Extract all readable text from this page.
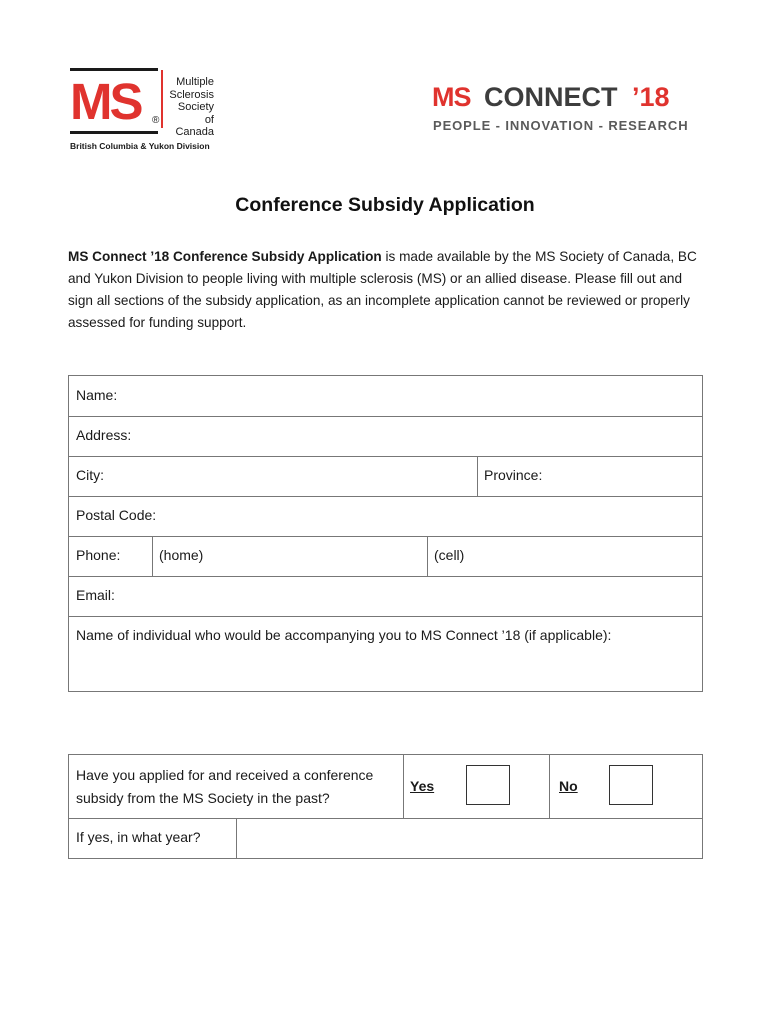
MS	Multiple
Sclerosis
Society of
Canada
®
British Columbia & Yukon Division
MS CONNECT ’18
PEOPLE - INNOVATION - RESEARCH
Conference Subsidy Application
MS Connect ’18 Conference Subsidy Application is made available by the MS Society of Canada, BC and Yukon Division to people living with multiple sclerosis (MS) or an allied disease. Please fill out and sign all sections of the subsidy application, as an incomplete application cannot be reviewed or properly assessed for funding support.
Name:
Address:
City:	Province:
Postal Code:
Phone:	(home)	(cell)
Email:
Name of individual who would be accompanying you to MS Connect ’18 (if applicable):
Have you applied for and received a conference subsidy from the MS Society in the past?
Yes	No
If yes, in what year?
